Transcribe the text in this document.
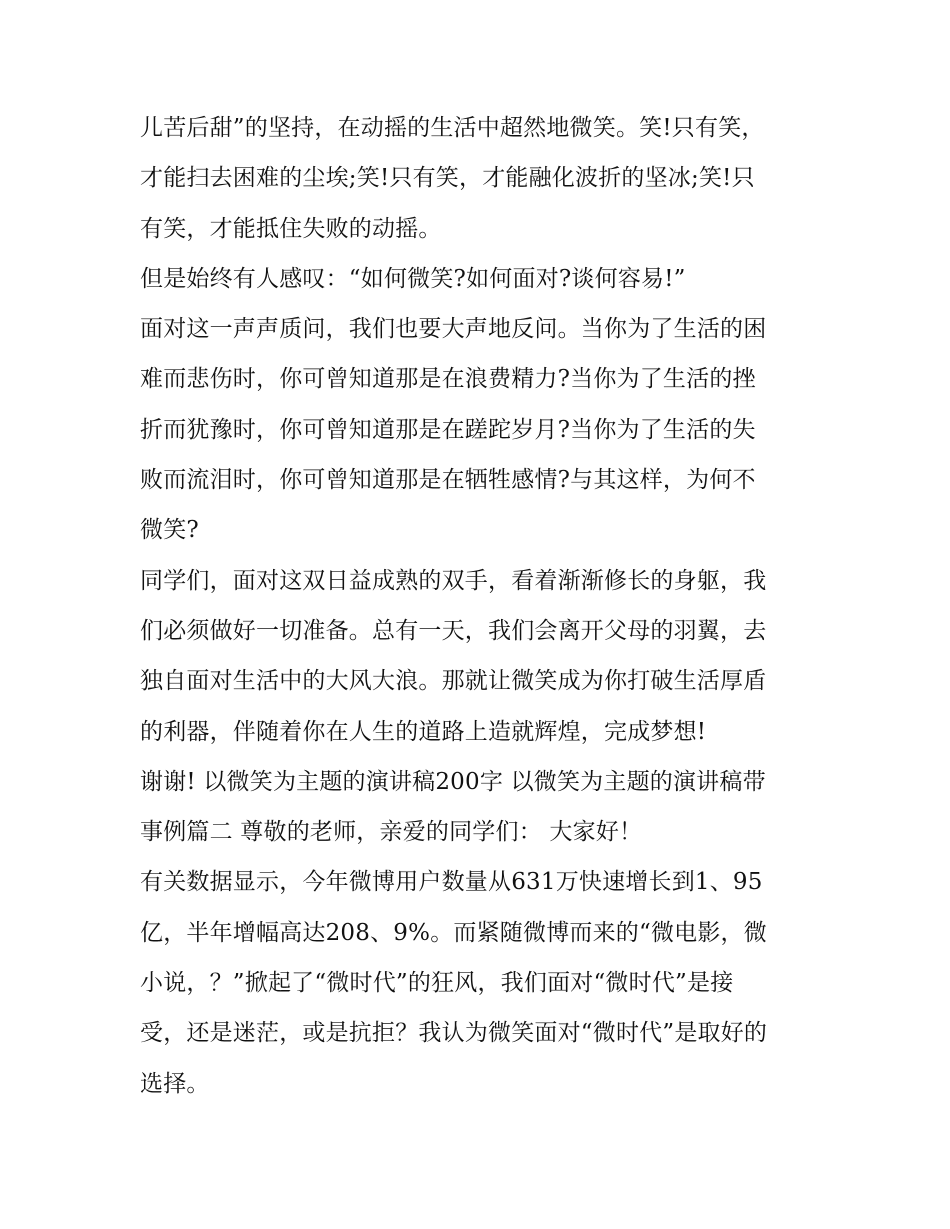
儿苦后甜”的坚持，在动摇的生活中超然地微笑。笑!只有笑，
才能扫去困难的尘埃;笑!只有笑，才能融化波折的坚冰;笑!只
有笑，才能抵住失败的动摇。
但是始终有人感叹：“如何微笑?如何面对?谈何容易!”
面对这一声声质问，我们也要大声地反问。当你为了生活的困
难而悲伤时，你可曾知道那是在浪费精力?当你为了生活的挫
折而犹豫时，你可曾知道那是在蹉跎岁月?当你为了生活的失
败而流泪时，你可曾知道那是在牺牲感情?与其这样，为何不
微笑?
同学们，面对这双日益成熟的双手，看着渐渐修长的身躯，我
们必须做好一切准备。总有一天，我们会离开父母的羽翼，去
独自面对生活中的大风大浪。那就让微笑成为你打破生活厚盾
的利器，伴随着你在人生的道路上造就辉煌，完成梦想!
谢谢! 以微笑为主题的演讲稿200字 以微笑为主题的演讲稿带
事例篇二 尊敬的老师，亲爱的同学们： 大家好！
有关数据显示，今年微博用户数量从631万快速增长到1、95
亿，半年增幅高达208、9%。而紧随微博而来的“微电影，微
小说，？”掀起了“微时代”的狂风，我们面对“微时代”是接
受，还是迷茫，或是抗拒？我认为微笑面对“微时代”是取好的
选择。
